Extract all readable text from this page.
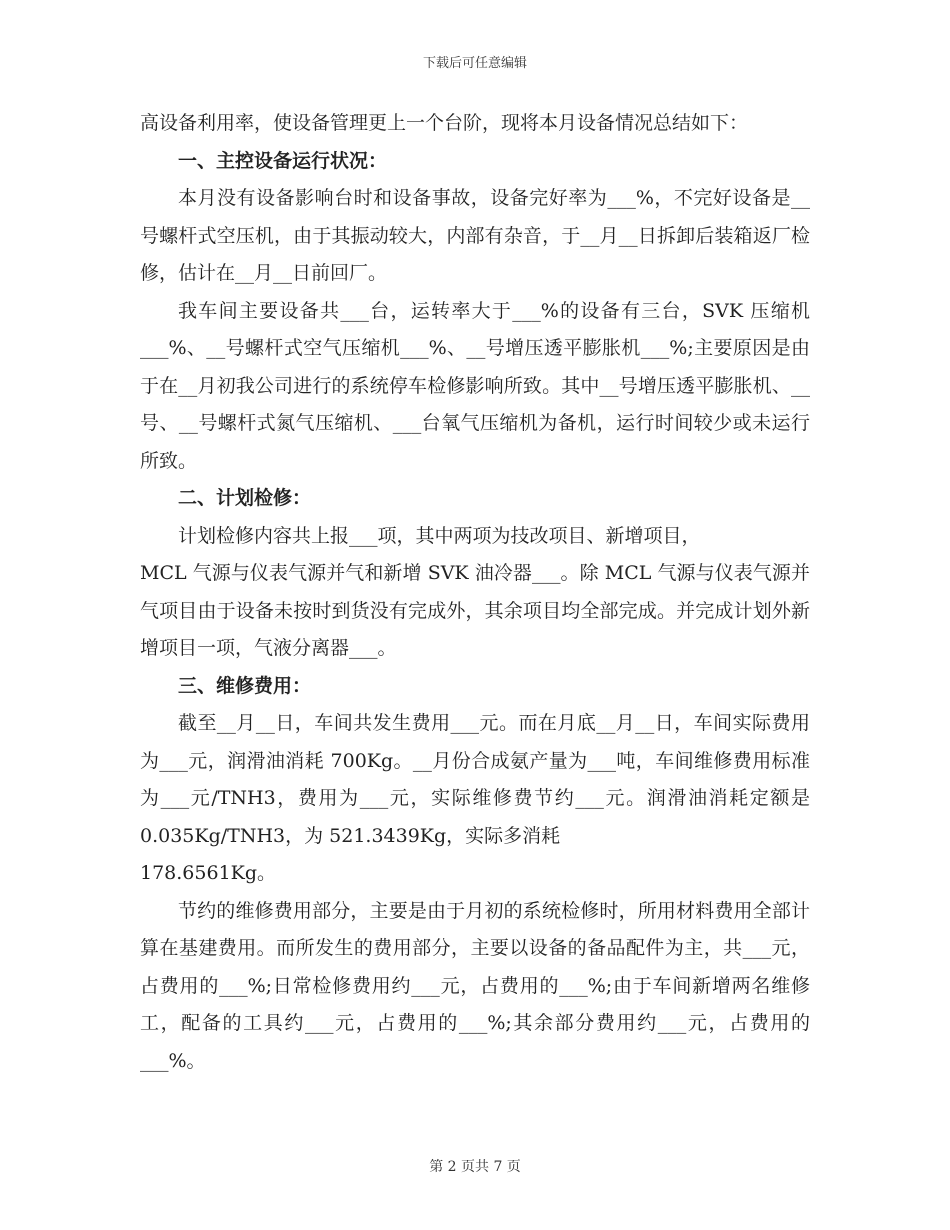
下载后可任意编辑

高设备利用率，使设备管理更上一个台阶，现将本月设备情况总结如下：

一、主控设备运行状况：

本月没有设备影响台时和设备事故，设备完好率为___%，不完好设备是__号螺杆式空压机，由于其振动较大，内部有杂音，于__月__日拆卸后装箱返厂检修，估计在__月__日前回厂。

我车间主要设备共___台，运转率大于___%的设备有三台，SVK 压缩机___%、__号螺杆式空气压缩机___%、__号增压透平膨胀机___%;主要原因是由于在__月初我公司进行的系统停车检修影响所致。其中__号增压透平膨胀机、__号、__号螺杆式氮气压缩机、___台氧气压缩机为备机，运行时间较少或未运行所致。

二、计划检修：

计划检修内容共上报___项，其中两项为技改项目、新增项目，

MCL 气源与仪表气源并气和新增 SVK 油冷器___。除 MCL 气源与仪表气源并气项目由于设备未按时到货没有完成外，其余项目均全部完成。并完成计划外新增项目一项，气液分离器___。

三、维修费用：

截至__月__日，车间共发生费用___元。而在月底__月__日，车间实际费用为___元，润滑油消耗 700Kg。__月份合成氨产量为___吨，车间维修费用标准为___元/TNH3，费用为___元，实际维修费节约___元。润滑油消耗定额是 0.035Kg/TNH3，为 521.3439Kg，实际多消耗

178.6561Kg。

节约的维修费用部分，主要是由于月初的系统检修时，所用材料费用全部计算在基建费用。而所发生的费用部分，主要以设备的备品配件为主，共___元，占费用的___%;日常检修费用约___元，占费用的___%;由于车间新增两名维修工，配备的工具约___元，占费用的___%;其余部分费用约___元，占费用的___%。

第 2 页共 7 页
